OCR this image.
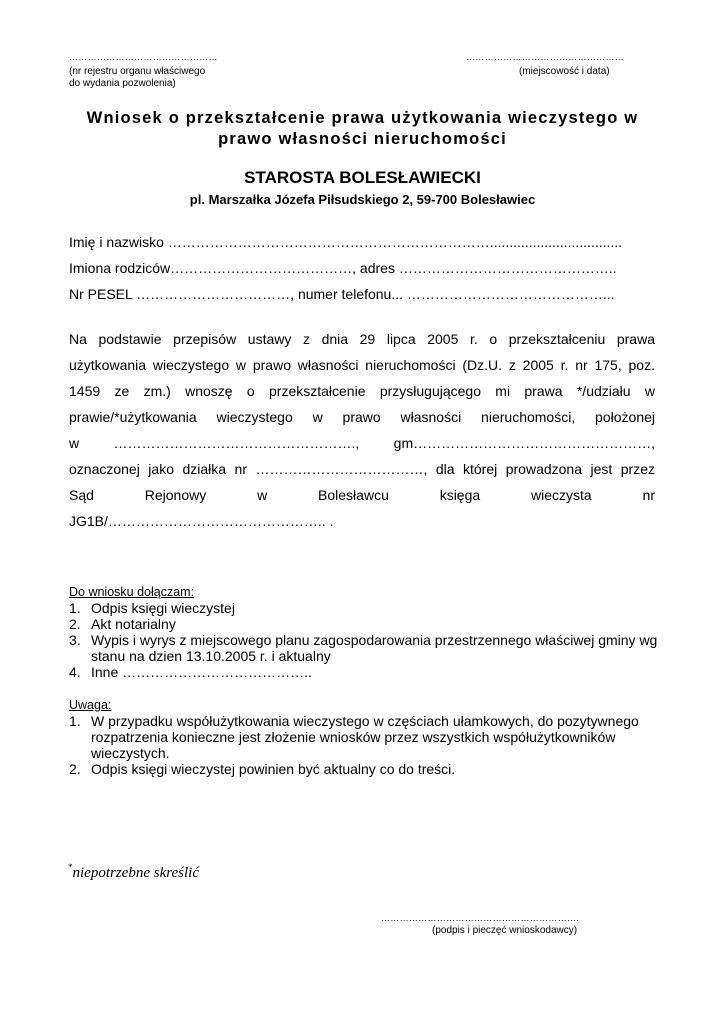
…………………………………………
(nr rejestru organu właściwego
do wydania pozwolenia)
……………………………………………
(miejscowość i data)
Wniosek o przekształcenie prawa użytkowania wieczystego w
prawo własności nieruchomości
STAROSTA BOLESŁAWIECKI
pl. Marszałka Józefa Piłsudskiego 2, 59-700 Bolesławiec
Imię i nazwisko ……………………………………………………………..................................
Imiona rodziców…………………………………, adres ………………………………………..
Nr PESEL ……………………………, numer telefonu... ……………………………………...
Na podstawie przepisów ustawy z dnia 29 lipca 2005 r. o przekształceniu prawa
użytkowania wieczystego w prawo własności nieruchomości (Dz.U. z 2005 r. nr 175, poz.
1459 ze zm.) wnoszę o przekształcenie przysługującego mi prawa */udziału w
prawie/*użytkowania wieczystego w prawo własności nieruchomości, położonej
w ……………………………………………., gm……………………………………………,
oznaczonej jako działka nr ………………………………, dla której prowadzona jest przez
Sąd Rejonowy w Bolesławcu księga wieczysta nr
JG1B/……………………………………….. .
Do wniosku dołączam:
1. Odpis księgi wieczystej
2. Akt notarialny
3. Wypis i wyrys z miejscowego planu zagospodarowania przestrzennego właściwej gminy wg stanu na dzien 13.10.2005 r. i aktualny
4. Inne …………………………………..
Uwaga:
1. W przypadku współużytkowania wieczystego w częściach ułamkowych, do pozytywnego rozpatrzenia konieczne jest złożenie wniosków przez wszystkich współużytkowników wieczystych.
2. Odpis księgi wieczystej powinien być aktualny co do treści.
*niepotrzebne skreślić
……………………………………………………….
(podpis i pieczęć wnioskodawcy)
